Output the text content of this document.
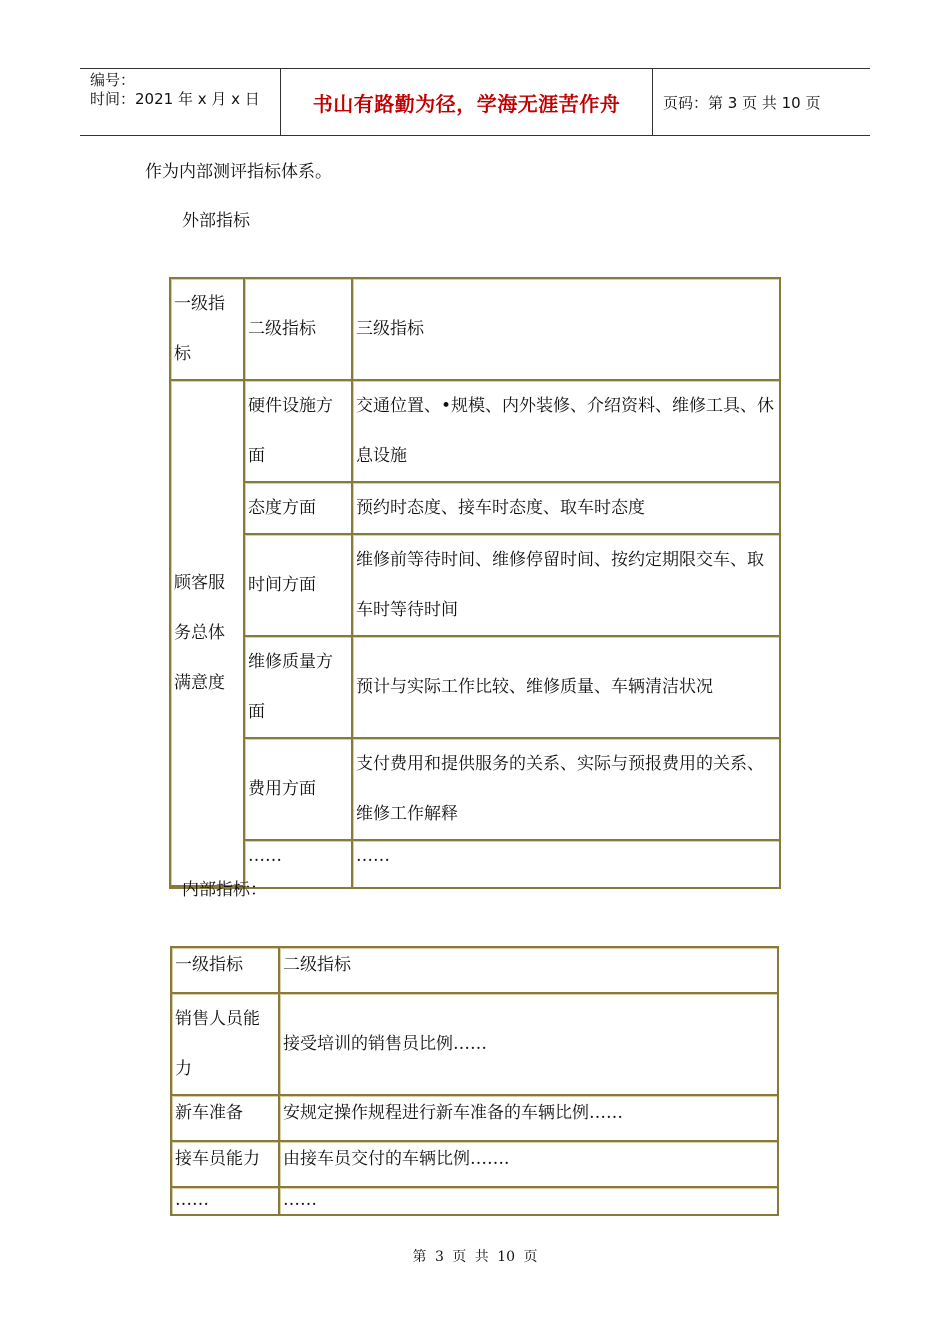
编号：
时间：2021 年 x 月 x 日	书山有路勤为径，学海无涯苦作舟	页码：第 3 页 共 10 页
作为内部测评指标体系。
外部指标
一级指标	二级指标	三级指标
顾客服务总体满意度	硬件设施方面	交通位置、•规模、内外装修、介绍资料、维修工具、休息设施
	态度方面	预约时态度、接车时态度、取车时态度
	时间方面	维修前等待时间、维修停留时间、按约定期限交车、取车时等待时间
	维修质量方面	预计与实际工作比较、维修质量、车辆清洁状况
	费用方面	支付费用和提供服务的关系、实际与预报费用的关系、维修工作解释
	……	……
内部指标：
一级指标	二级指标
销售人员能力	接受培训的销售员比例……
新车准备	安规定操作规程进行新车准备的车辆比例……
接车员能力	由接车员交付的车辆比例…….
……	……
第 3 页 共 10 页
